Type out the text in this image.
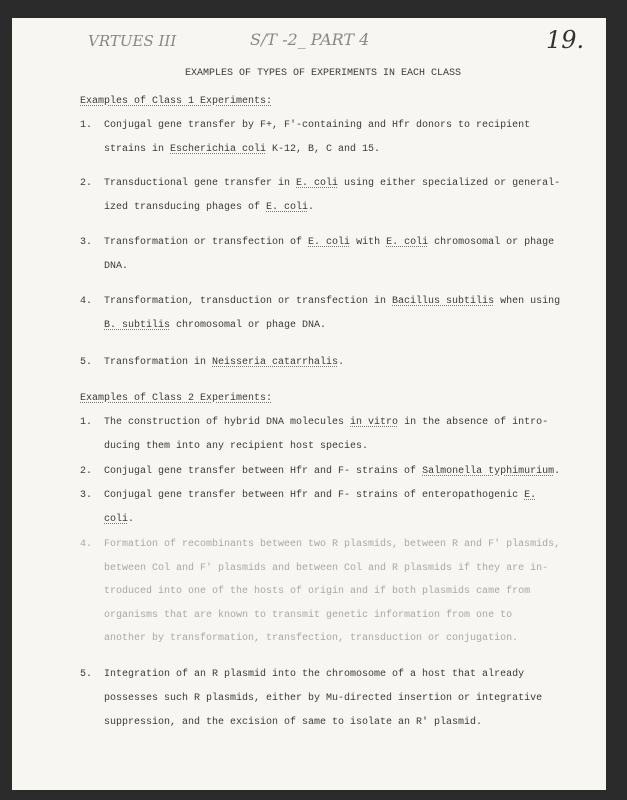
VRTUES III	S/T -2_ PART 4	19.
EXAMPLES OF TYPES OF EXPERIMENTS IN EACH CLASS
Examples of Class 1 Experiments:
1. Conjugal gene transfer by F+, F'-containing and Hfr donors to recipient
strains in Escherichia coli K-12, B, C and 15.
2. Transductional gene transfer in E. coli using either specialized or general-
ized transducing phages of E. coli.
3. Transformation or transfection of E. coli with E. coli chromosomal or phage
DNA.
4. Transformation, transduction or transfection in Bacillus subtilis when using
B. subtilis chromosomal or phage DNA.
5. Transformation in Neisseria catarrhalis.
Examples of Class 2 Experiments:
1. The construction of hybrid DNA molecules in vitro in the absence of intro-
ducing them into any recipient host species.
2. Conjugal gene transfer between Hfr and F- strains of Salmonella typhimurium.
3. Conjugal gene transfer between Hfr and F- strains of enteropathogenic E.
coli.
4. Formation of recombinants between two R plasmids, between R and F' plasmids,
between Col and F' plasmids and between Col and R plasmids if they are in-
troduced into one of the hosts of origin and if both plasmids came from
organisms that are known to transmit genetic information from one to
another by transformation, transfection, transduction or conjugation.
5. Integration of an R plasmid into the chromosome of a host that already
possesses such R plasmids, either by Mu-directed insertion or integrative
suppression, and the excision of same to isolate an R' plasmid.
